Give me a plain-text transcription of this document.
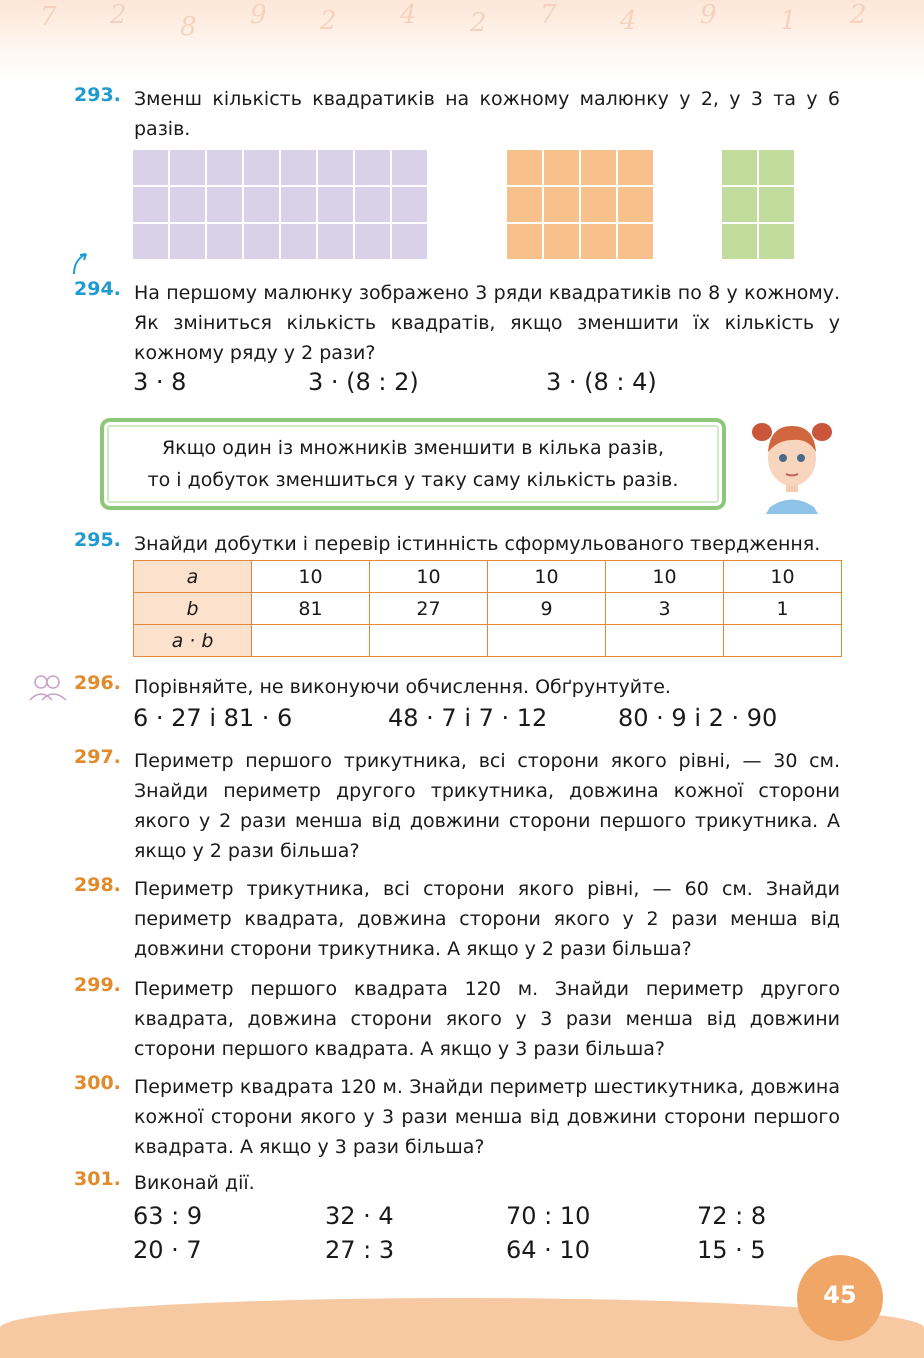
7 2 8 9 2 4 2 7 4 9 1 2
293. Зменш кількість квадратиків на кожному малюнку у 2, у 3 та у 6 разів.
294. На першому малюнку зображено 3 ряди квадратиків по 8 у кожному. Як зміниться кількість квадратів, якщо зменшити їх кількість у кожному ряду у 2 рази?
3 · 8	3 · (8 : 2)	3 · (8 : 4)
Якщо один із множників зменшити в кілька разів,
то і добуток зменшиться у таку саму кількість разів.
295. Знайди добутки і перевір істинність сформульованого твердження.
a	10	10	10	10	10
b	81	27	9	3	1
a · b					
296. Порівняйте, не виконуючи обчислення. Обґрунтуйте.
6 · 27 і 81 · 6	48 · 7 і 7 · 12	80 · 9 і 2 · 90
297. Периметр першого трикутника, всі сторони якого рівні, — 30 см. Знайди периметр другого трикутника, довжина кожної сторони якого у 2 рази менша від довжини сторони першого трикутника. А якщо у 2 рази більша?
298. Периметр трикутника, всі сторони якого рівні, — 60 см. Знайди периметр квадрата, довжина сторони якого у 2 рази менша від довжини сторони трикутника. А якщо у 2 рази більша?
299. Периметр першого квадрата 120 м. Знайди периметр другого квадрата, довжина сторони якого у 3 рази менша від довжини сторони першого квадрата. А якщо у 3 рази більша?
300. Периметр квадрата 120 м. Знайди периметр шестикутника, довжина кожної сторони якого у 3 рази менша від довжини сторони першого квадрата. А якщо у 3 рази більша?
301. Виконай дії.
63 : 9	32 · 4	70 : 10	72 : 8
20 · 7	27 : 3	64 · 10	15 · 5
45
